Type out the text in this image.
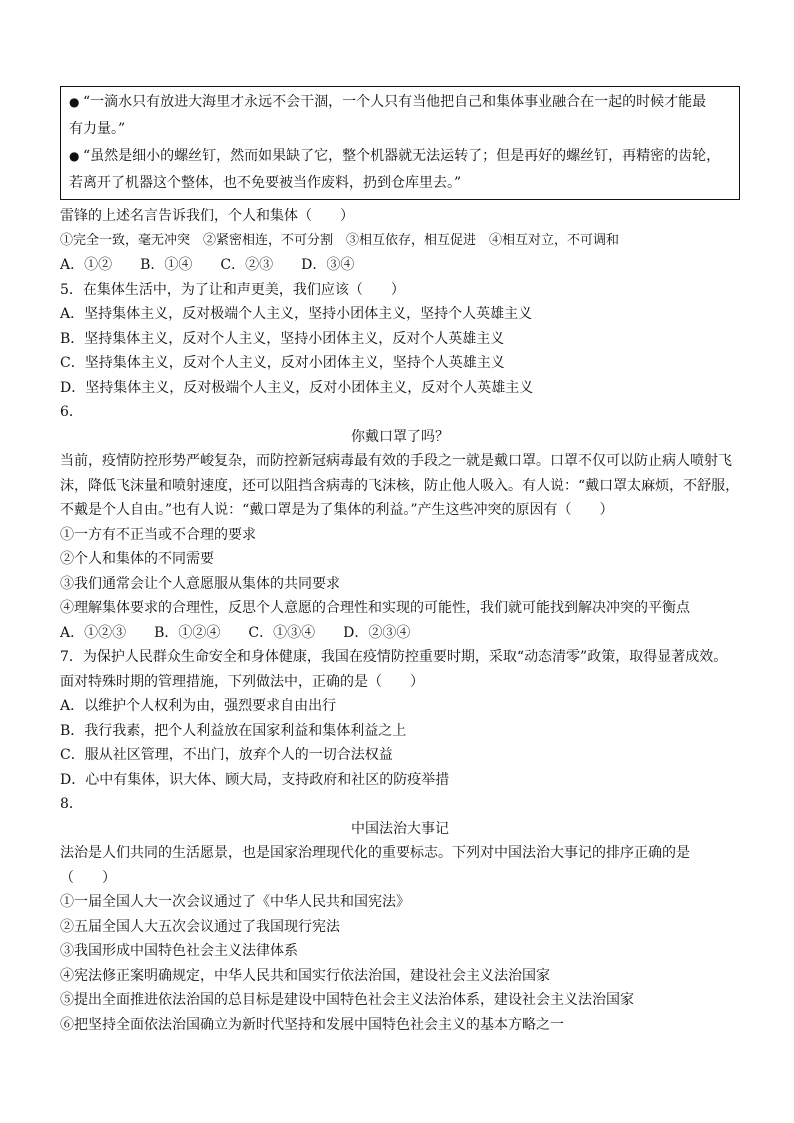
● “一滴水只有放进大海里才永远不会干涸，一个人只有当他把自己和集体事业融合在一起的时候才能最
有力量。”
● “虽然是细小的螺丝钉，然而如果缺了它，整个机器就无法运转了；但是再好的螺丝钉，再精密的齿轮，
若离开了机器这个整体，也不免要被当作废料，扔到仓库里去。”
雷锋的上述名言告诉我们，个人和集体（　　）
①完全一致，毫无冲突　②紧密相连，不可分割　③相互依存，相互促进　④相互对立，不可调和
A．①②　　B．①④　　C．②③　　D．③④
5．在集体生活中，为了让和声更美，我们应该（　　）
A．坚持集体主义，反对极端个人主义，坚持小团体主义，坚持个人英雄主义
B．坚持集体主义，反对个人主义，坚持小团体主义，反对个人英雄主义
C．坚持集体主义，反对个人主义，反对小团体主义，坚持个人英雄主义
D．坚持集体主义，反对极端个人主义，反对小团体主义，反对个人英雄主义
6．
你戴口罩了吗？
当前，疫情防控形势严峻复杂，而防控新冠病毒最有效的手段之一就是戴口罩。口罩不仅可以防止病人喷射飞
沫，降低飞沫量和喷射速度，还可以阻挡含病毒的飞沫核，防止他人吸入。有人说：“戴口罩太麻烦，不舒服，
不戴是个人自由。”也有人说：“戴口罩是为了集体的利益。”产生这些冲突的原因有（　　）
①一方有不正当或不合理的要求
②个人和集体的不同需要
③我们通常会让个人意愿服从集体的共同要求
④理解集体要求的合理性，反思个人意愿的合理性和实现的可能性，我们就可能找到解决冲突的平衡点
A．①②③　　B．①②④　　C．①③④　　D．②③④
7．为保护人民群众生命安全和身体健康，我国在疫情防控重要时期，采取“动态清零”政策，取得显著成效。
面对特殊时期的管理措施，下列做法中，正确的是（　　）
A．以维护个人权利为由，强烈要求自由出行
B．我行我素，把个人利益放在国家利益和集体利益之上
C．服从社区管理，不出门，放弃个人的一切合法权益
D．心中有集体，识大体、顾大局，支持政府和社区的防疫举措
8．
中国法治大事记
法治是人们共同的生活愿景，也是国家治理现代化的重要标志。下列对中国法治大事记的排序正确的是
（　　）
①一届全国人大一次会议通过了《中华人民共和国宪法》
②五届全国人大五次会议通过了我国现行宪法
③我国形成中国特色社会主义法律体系
④宪法修正案明确规定，中华人民共和国实行依法治国，建设社会主义法治国家
⑤提出全面推进依法治国的总目标是建设中国特色社会主义法治体系，建设社会主义法治国家
⑥把坚持全面依法治国确立为新时代坚持和发展中国特色社会主义的基本方略之一
